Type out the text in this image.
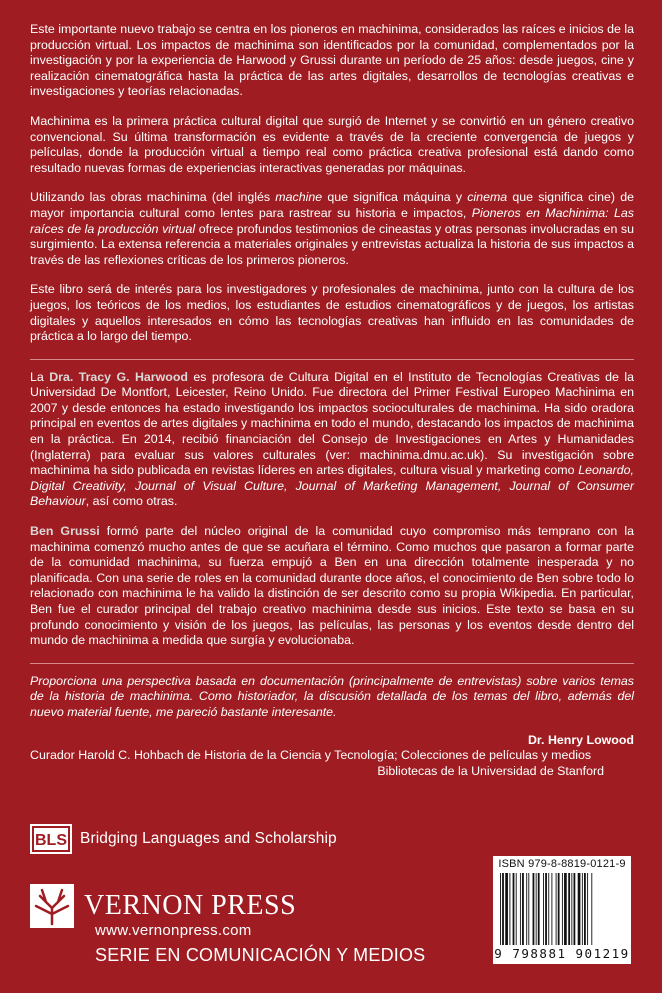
Este importante nuevo trabajo se centra en los pioneros en machinima, considerados las raíces e inicios de la producción virtual. Los impactos de machinima son identificados por la comunidad, complementados por la investigación y por la experiencia de Harwood y Grussi durante un período de 25 años: desde juegos, cine y realización cinematográfica hasta la práctica de las artes digitales, desarrollos de tecnologías creativas e investigaciones y teorías relacionadas.

Machinima es la primera práctica cultural digital que surgió de Internet y se convirtió en un género creativo convencional. Su última transformación es evidente a través de la creciente convergencia de juegos y películas, donde la producción virtual a tiempo real como práctica creativa profesional está dando como resultado nuevas formas de experiencias interactivas generadas por máquinas.

Utilizando las obras machinima (del inglés machine que significa máquina y cinema que significa cine) de mayor importancia cultural como lentes para rastrear su historia e impactos, Pioneros en Machinima: Las raíces de la producción virtual ofrece profundos testimonios de cineastas y otras personas involucradas en su surgimiento. La extensa referencia a materiales originales y entrevistas actualiza la historia de sus impactos a través de las reflexiones críticas de los primeros pioneros.

Este libro será de interés para los investigadores y profesionales de machinima, junto con la cultura de los juegos, los teóricos de los medios, los estudiantes de estudios cinematográficos y de juegos, los artistas digitales y aquellos interesados en cómo las tecnologías creativas han influido en las comunidades de práctica a lo largo del tiempo.

La Dra. Tracy G. Harwood es profesora de Cultura Digital en el Instituto de Tecnologías Creativas de la Universidad De Montfort, Leicester, Reino Unido. Fue directora del Primer Festival Europeo Machinima en 2007 y desde entonces ha estado investigando los impactos socioculturales de machinima. Ha sido oradora principal en eventos de artes digitales y machinima en todo el mundo, destacando los impactos de machinima en la práctica. En 2014, recibió financiación del Consejo de Investigaciones en Artes y Humanidades (Inglaterra) para evaluar sus valores culturales (ver: machinima.dmu.ac.uk). Su investigación sobre machinima ha sido publicada en revistas líderes en artes digitales, cultura visual y marketing como Leonardo, Digital Creativity, Journal of Visual Culture, Journal of Marketing Management, Journal of Consumer Behaviour, así como otras.

Ben Grussi formó parte del núcleo original de la comunidad cuyo compromiso más temprano con la machinima comenzó mucho antes de que se acuñara el término. Como muchos que pasaron a formar parte de la comunidad machinima, su fuerza empujó a Ben en una dirección totalmente inesperada y no planificada. Con una serie de roles en la comunidad durante doce años, el conocimiento de Ben sobre todo lo relacionado con machinima le ha valido la distinción de ser descrito como su propia Wikipedia. En particular, Ben fue el curador principal del trabajo creativo machinima desde sus inicios. Este texto se basa en su profundo conocimiento y visión de los juegos, las películas, las personas y los eventos desde dentro del mundo de machinima a medida que surgía y evolucionaba.

Proporciona una perspectiva basada en documentación (principalmente de entrevistas) sobre varios temas de la historia de machinima. Como historiador, la discusión detallada de los temas del libro, además del nuevo material fuente, me pareció bastante interesante.

Dr. Henry Lowood

Curador Harold C. Hohbach de Historia de la Ciencia y Tecnología; Colecciones de películas y medios

Bibliotecas de la Universidad de Stanford

BLS Bridging Languages and Scholarship
VERNON PRESS
www.vernonpress.com
SERIE EN COMUNICACIÓN Y MEDIOS
ISBN 979-8-8819-0121-9
9 798881 901219
